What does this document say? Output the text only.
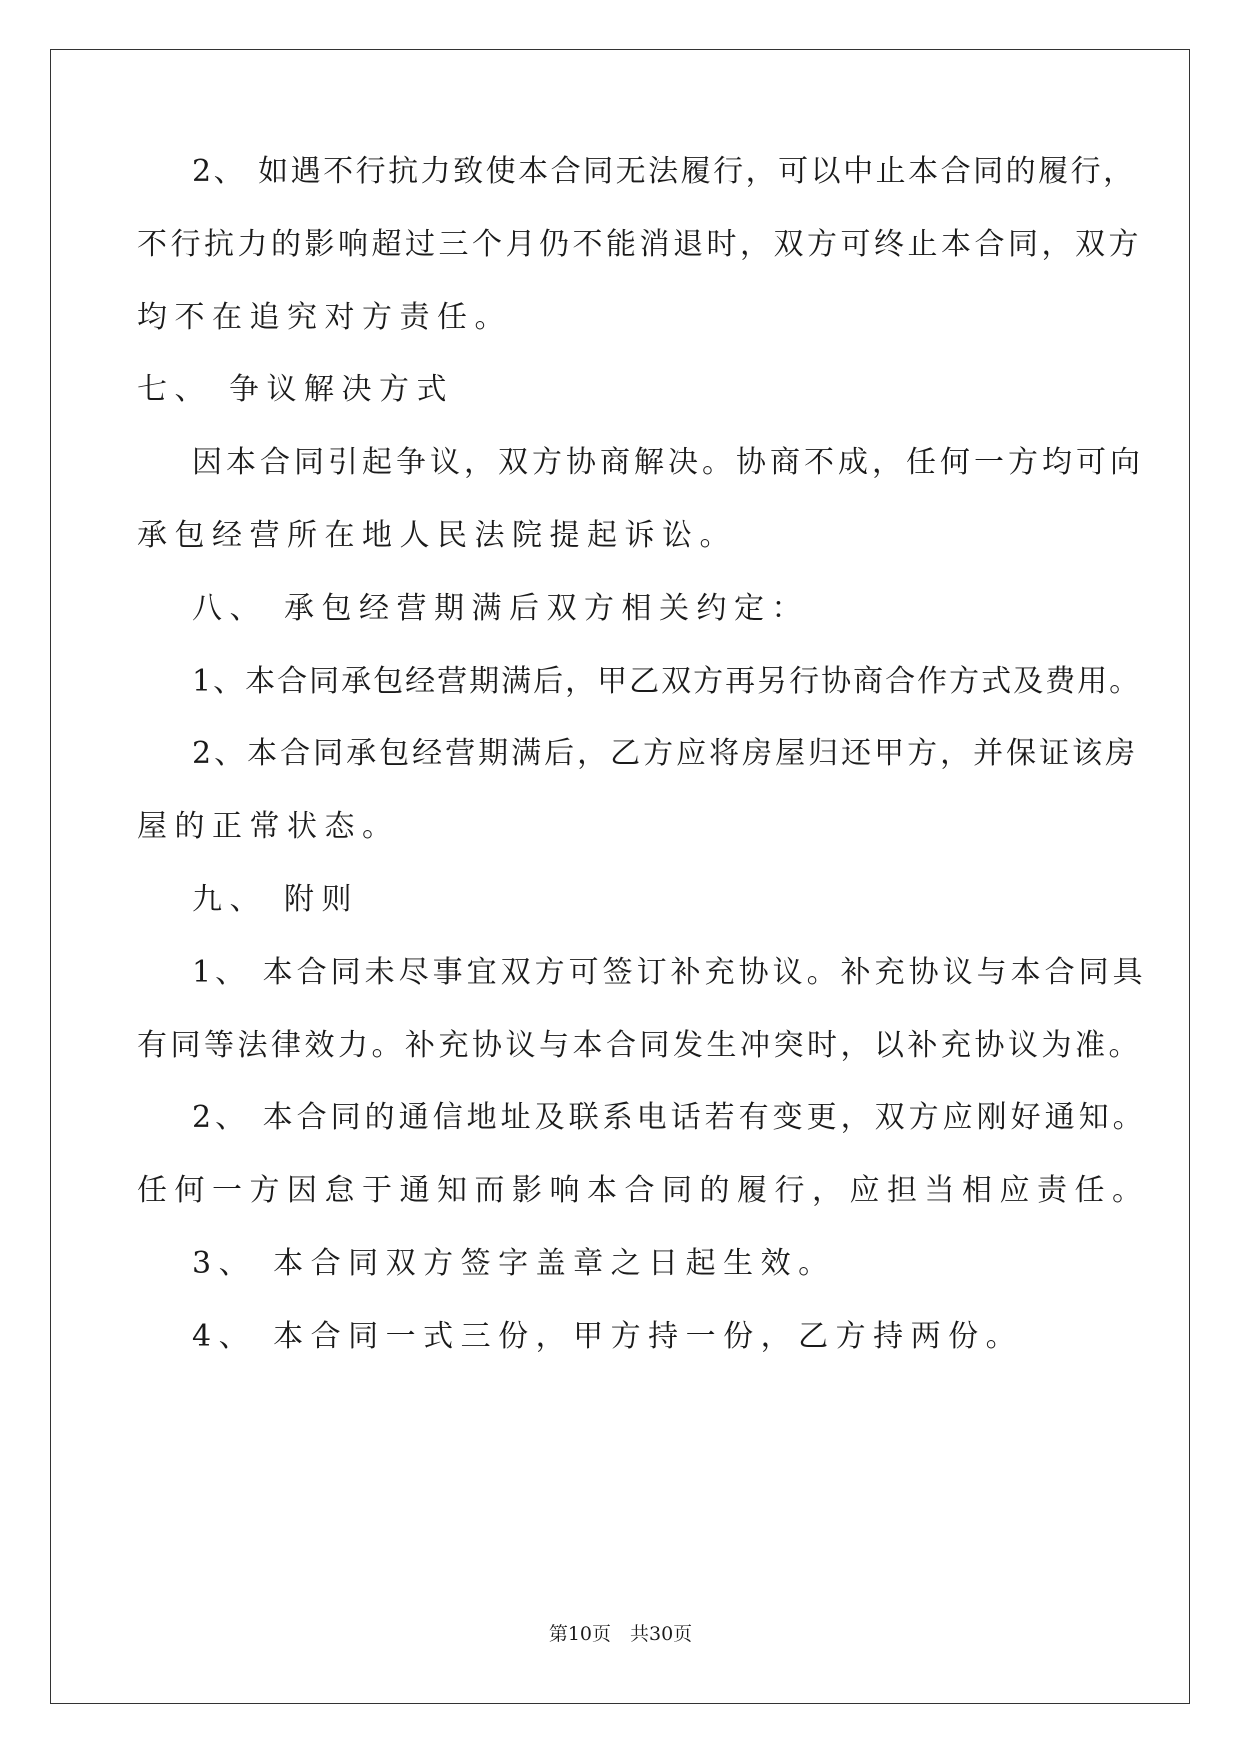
2、 如遇不行抗力致使本合同无法履行，可以中止本合同的履行，
不行抗力的影响超过三个月仍不能消退时，双方可终止本合同，双方
均不在追究对方责任。
七、 争议解决方式
因本合同引起争议，双方协商解决。协商不成，任何一方均可向
承包经营所在地人民法院提起诉讼。
八、 承包经营期满后双方相关约定：
1、本合同承包经营期满后，甲乙双方再另行协商合作方式及费用。
2、本合同承包经营期满后，乙方应将房屋归还甲方，并保证该房
屋的正常状态。
九、 附则
1、 本合同未尽事宜双方可签订补充协议。补充协议与本合同具
有同等法律效力。补充协议与本合同发生冲突时，以补充协议为准。
2、 本合同的通信地址及联系电话若有变更，双方应刚好通知。
任何一方因怠于通知而影响本合同的履行，应担当相应责任。
3、 本合同双方签字盖章之日起生效。
4、 本合同一式三份，甲方持一份，乙方持两份。
第10页　共30页
